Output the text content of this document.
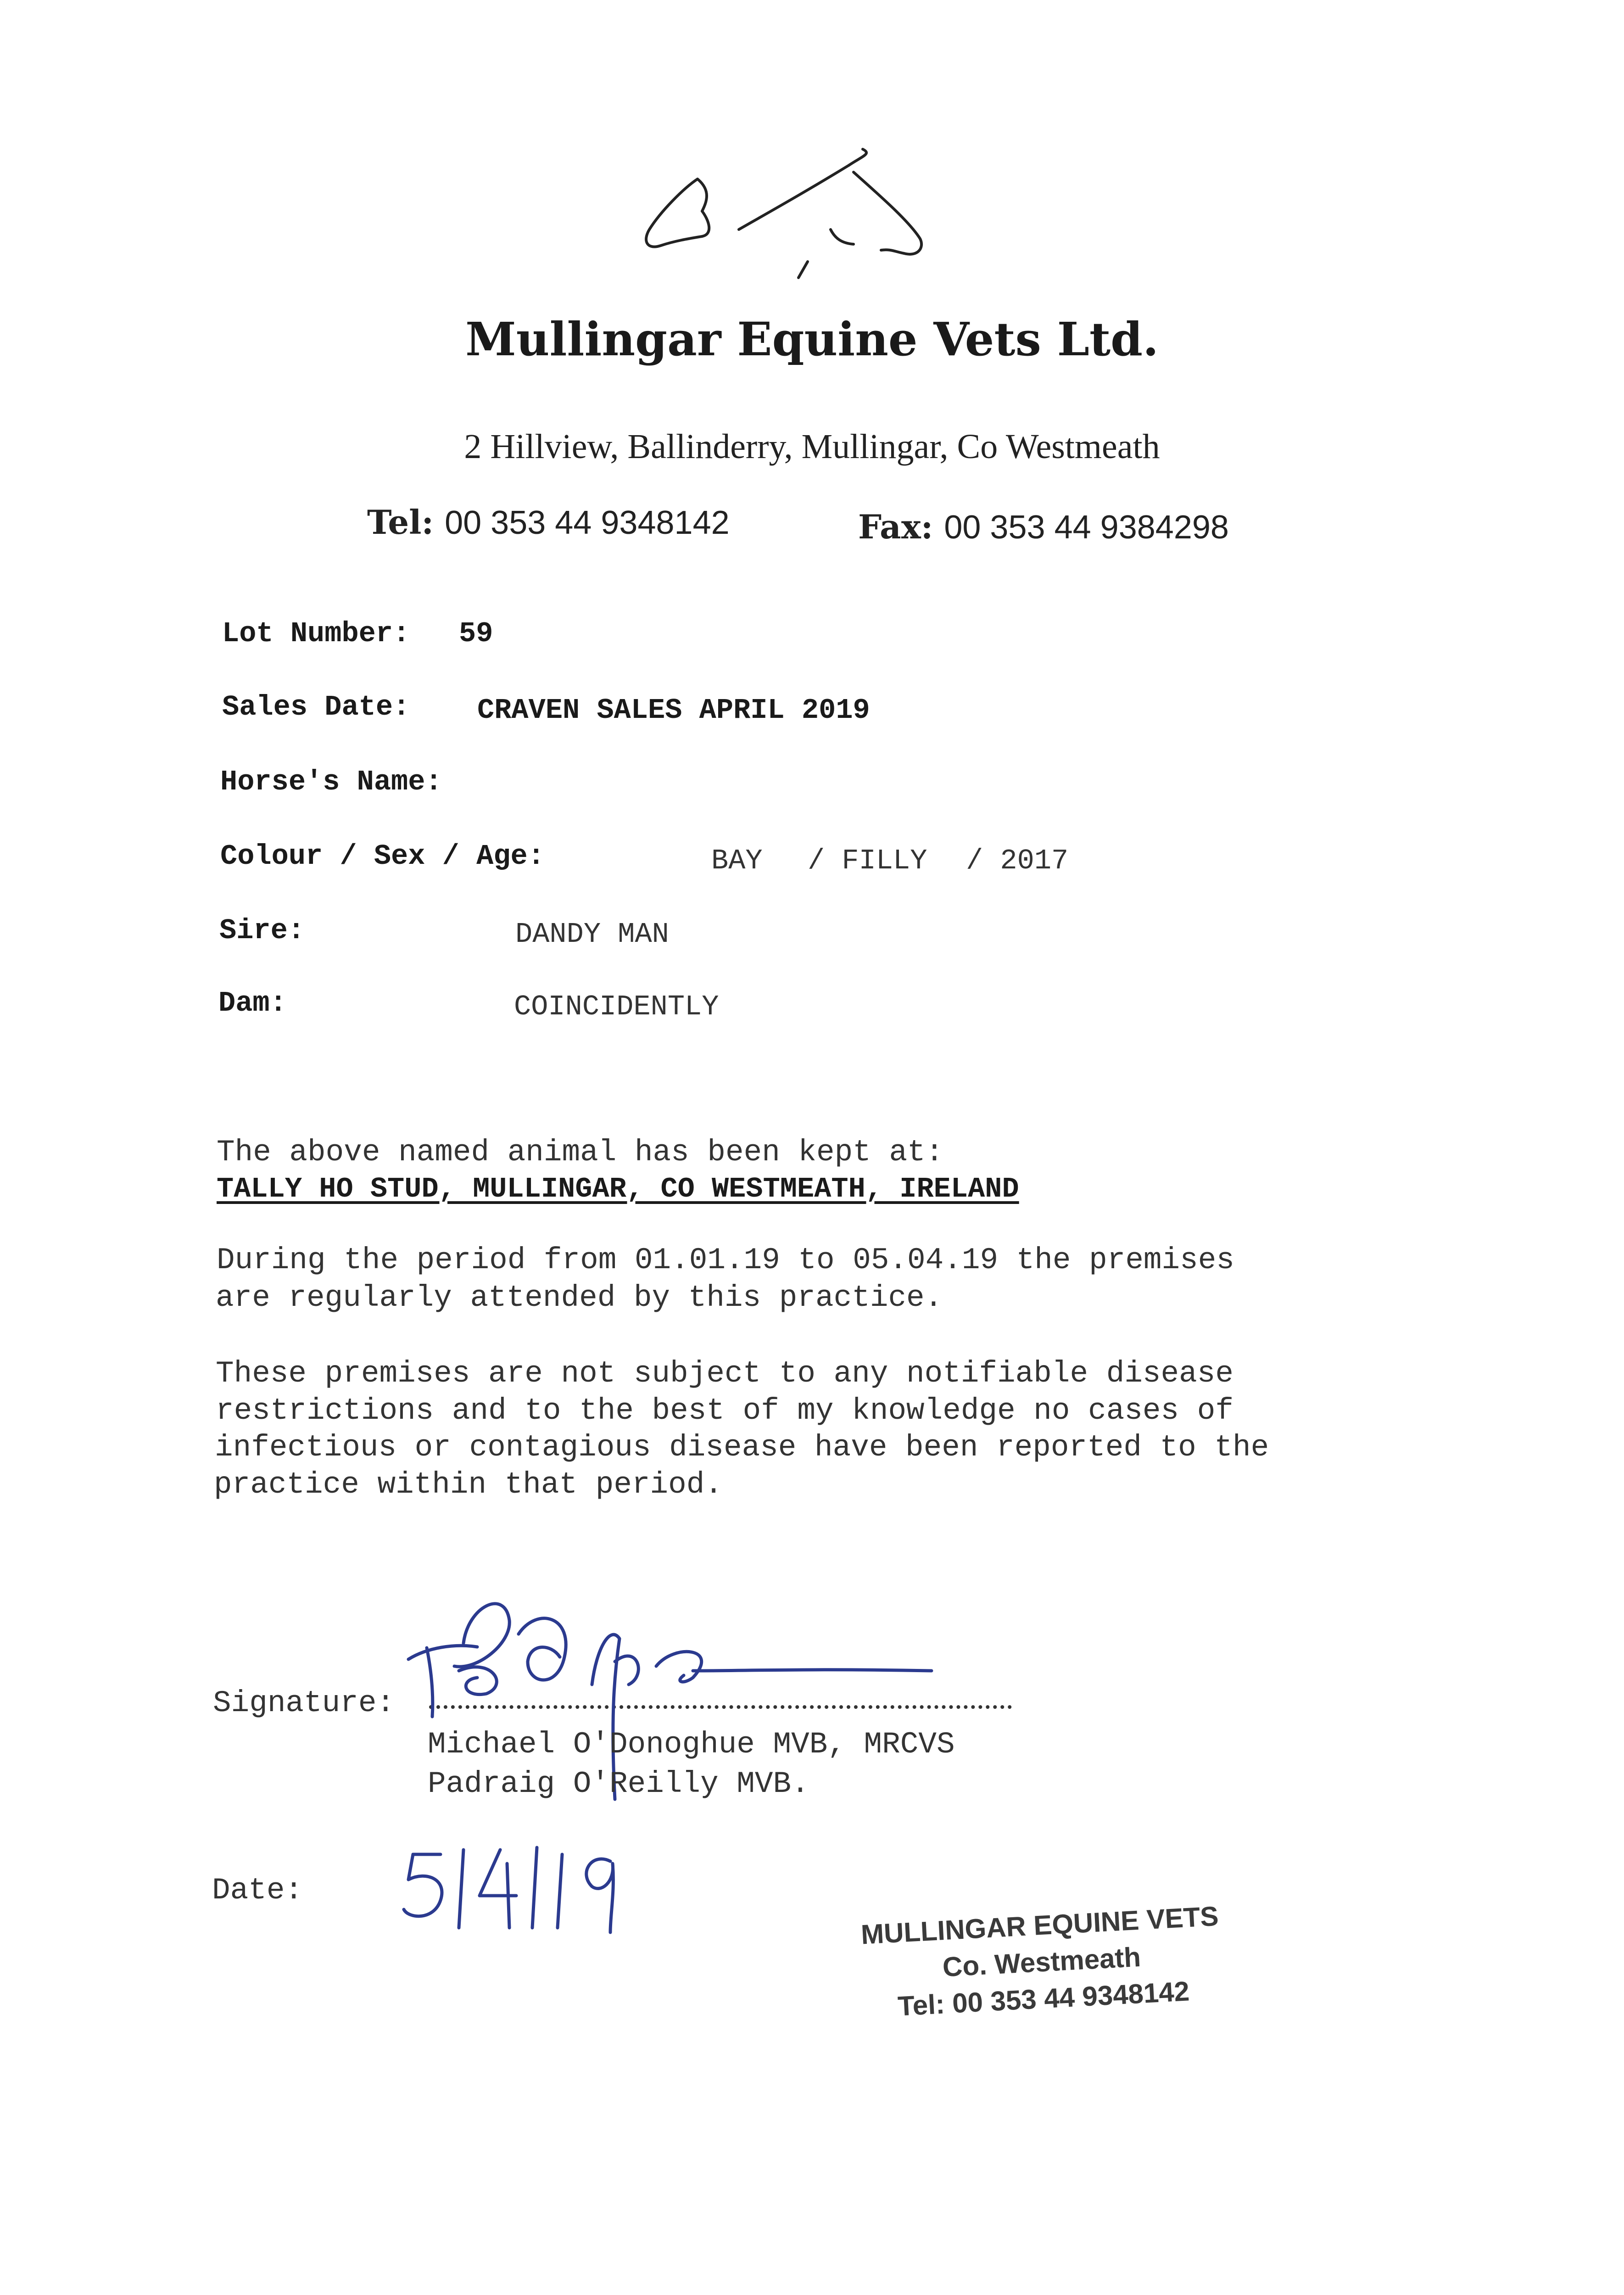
Mullingar Equine Vets Ltd.
2 Hillview, Ballinderry, Mullingar, Co Westmeath
Tel: 00 353 44 9348142	Fax: 00 353 44 9384298
Lot Number: 59
Sales Date: CRAVEN SALES APRIL 2019
Horse's Name:
Colour / Sex / Age:	BAY / FILLY / 2017
Sire:	DANDY MAN
Dam:	COINCIDENTLY
The above named animal has been kept at:
TALLY HO STUD, MULLINGAR, CO WESTMEATH, IRELAND
During the period from 01.01.19 to 05.04.19 the premises
are regularly attended by this practice.
These premises are not subject to any notifiable disease
restrictions and to the best of my knowledge no cases of
infectious or contagious disease have been reported to the
practice within that period.
Signature:
Michael O'Donoghue MVB, MRCVS
Padraig O'Reilly MVB.
Date:
MULLINGAR EQUINE VETS
Co. Westmeath
Tel: 00 353 44 9348142
